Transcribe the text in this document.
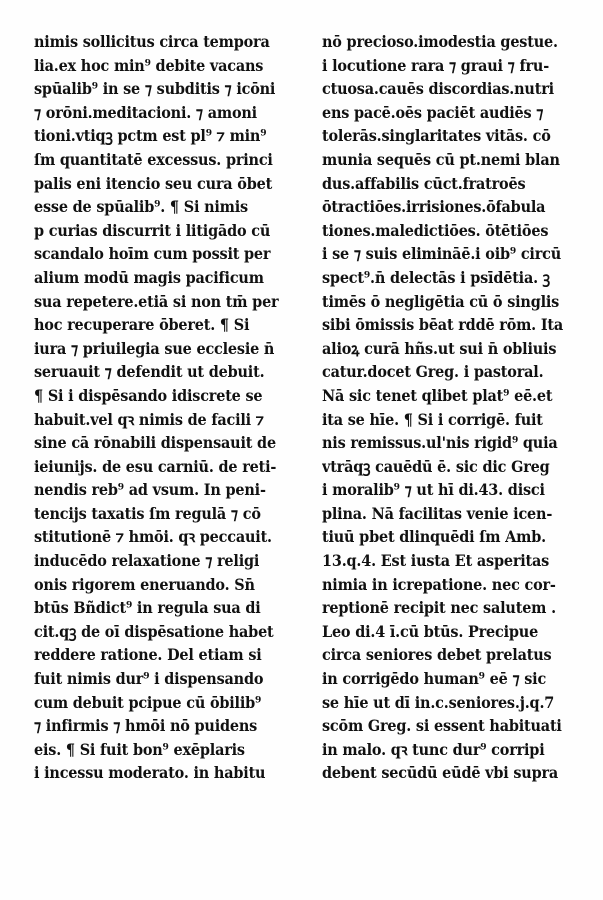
nimis sollicitus circa tempora
lia.ex hoc min⁹ debite vacans
spūalib⁹ in se ⁊ subditis ⁊ icōni
⁊ orōni.meditacioni. ⁊ amoni
tioni.vtiqꝫ pctm est pl⁹ ⁊ min⁹
ſm quantitatē excessus. princi
palis eni itencio seu cura ōbet
esse de spūalib⁹. ¶ Si nimis
p curias discurrit i litigādo cū
scandalo hoīm cum possit per
alium modū magis pacificum
sua repetere.etiā si non tm̄ per
hoc recuperare ōberet. ¶ Si
iura ⁊ priuilegia sue ecclesie n̄
seruauit ⁊ defendit ut debuit.
¶ Si i dispēsando idiscrete se
habuit.vel qꝛ nimis de facili ⁊
sine cā rōnabili dispensauit de
ieiunijs. de esu carniū. de reti-
nendis reb⁹ ad vsum. In peni-
tencijs taxatis ſm regulā ⁊ cō
stitutionē ⁊ hmōi. qꝛ peccauit.
inducēdo relaxatione ⁊ religi
onis rigorem eneruando. Sn̄
btūs Bñdict⁹ in regula sua di
cit.qꝫ de oī dispēsatione habet
reddere ratione. Del etiam si
fuit nimis dur⁹ i dispensando
cum debuit pcipue cū ōbilib⁹
⁊ infirmis ⁊ hmōi nō puidens
eis. ¶ Si fuit bon⁹ exēplaris
i incessu moderato. in habitu
nō precioso.imodestia gestue.
i locutione rara ⁊ graui ⁊ fru-
ctuosa.cauēs discordias.nutri
ens pacē.oēs paciēt audiēs ⁊
tolerās.singlaritates vitās. cō
munia sequēs cū pt.nemi blan
dus.affabilis cūct.fratroēs
ōtractiōes.irrisiones.ōfabula
tiones.maledictiōes. ōtētiōes
i se ⁊ suis elimināē.i oib⁹ circū
spect⁹.n̄ delectās i psīdētia. ꝫ
timēs ō negligētia cū ō singlis
sibi ōmissis bēat rddē rōm. Ita
alioꝝ curā hñs.ut sui n̄ obliuis
catur.docet Greg. i pastoral.
Nā sic tenet qlibet plat⁹ eē.et
ita se hīe. ¶ Si i corrigē. fuit
nis remissus.ul'nis rigid⁹ quia
vtrāqꝫ cauēdū ē. sic dic Greg
i moralib⁹ ⁊ ut hī di.43. disci
plina. Nā facilitas venie icen-
tiuū pbet dlinquēdi ſm Amb.
13.q.4. Est iusta Et asperitas
nimia in icrepatione. nec cor-
reptionē recipit nec salutem .
Leo di.4 ī.cū btūs. Precipue
circa seniores debet prelatus
in corrigēdo human⁹ eē ⁊ sic
se hīe ut dī in.c.seniores.j.q.7
scōm Greg. si essent habituati
in malo. qꝛ tunc dur⁹ corripi
debent secūdū eūdē vbi supra
